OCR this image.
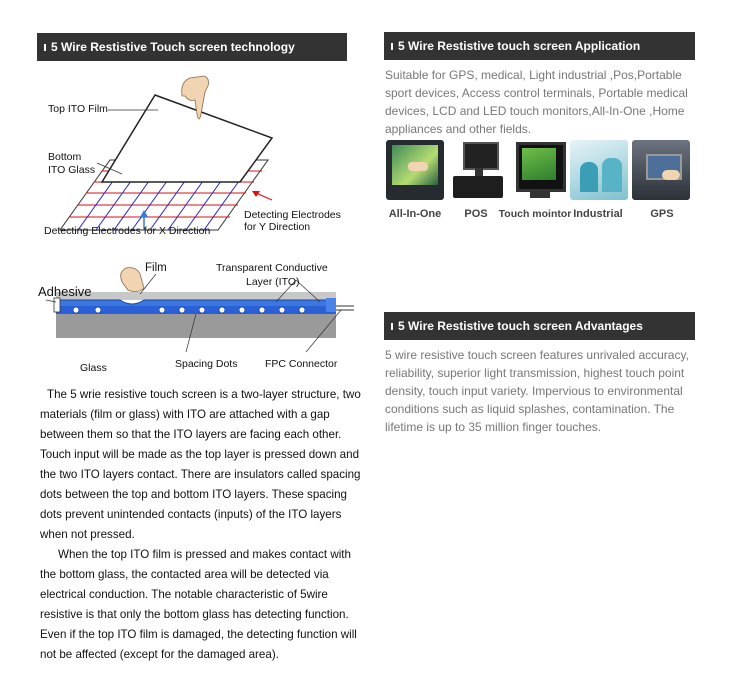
5 Wire Restistive Touch screen technology
Top ITO Film
Bottom
ITO Glass
Detecting Electrodes for X Direction
Detecting Electrodes
for Y Direction
Film
Adhesive
Transparent Conductive
Layer (ITO)
Glass	Spacing Dots	FPC Connector
The 5 wrie resistive touch screen is a two-layer structure, two materials (film or glass) with ITO are attached with a gap between them so that the ITO layers are facing each other. Touch input will be made as the top layer is pressed down and the two ITO layers contact. There are insulators called spacing dots between the top and bottom ITO layers. These spacing dots prevent unintended contacts (inputs) of the ITO layers when not pressed.
When the top ITO film is pressed and makes contact with the bottom glass, the contacted area will be detected via electrical conduction. The notable characteristic of 5wire resistive is that only the bottom glass has detecting function. Even if the top ITO film is damaged, the detecting function will not be affected (except for the damaged area).
5 Wire Restistive touch screen Application
Suitable for GPS, medical, Light industrial ,Pos,Portable sport devices, Access control terminals, Portable medical devices, LCD and LED touch monitors,All-In-One ,Home appliances and other fields.
All-In-One	POS	Touch mointor Industrial	GPS
5 Wire Restistive touch screen Advantages
5 wire resistive touch screen features unrivaled accuracy, reliability, superior light transmission, highest touch point density, touch input variety. Impervious to environmental conditions such as liquid splashes, contamination. The lifetime is up to 35 million finger touches.
